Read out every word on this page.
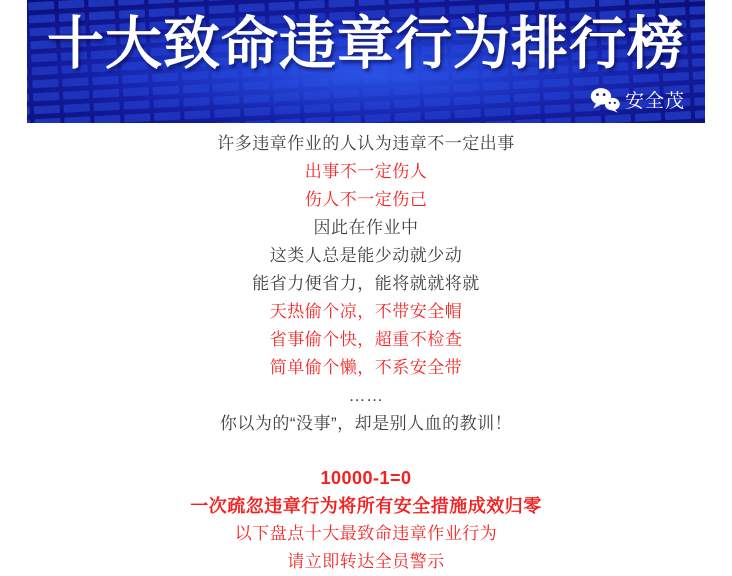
十大致命违章行为排行榜
安全茂

许多违章作业的人认为违章不一定出事

出事不一定伤人

伤人不一定伤己

因此在作业中

这类人总是能少动就少动

能省力便省力，能将就就将就

天热偷个凉，不带安全帽

省事偷个快，超重不检查

简单偷个懒，不系安全带

……

你以为的“没事”，却是别人血的教训！

10000-1=0

一次疏忽违章行为将所有安全措施成效归零

以下盘点十大最致命违章作业行为

请立即转达全员警示
